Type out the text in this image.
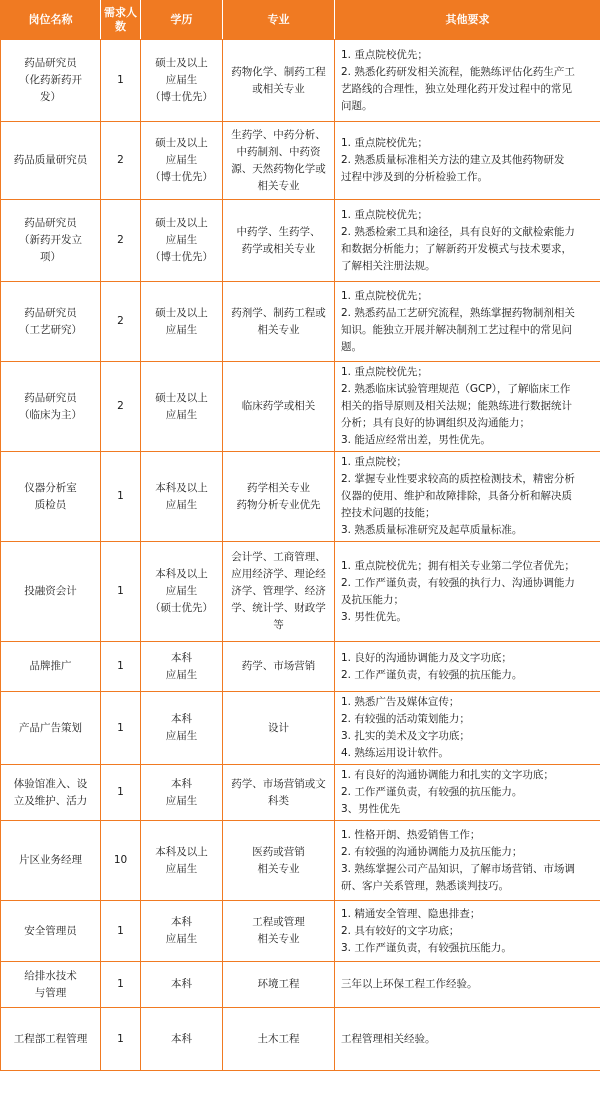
岗位名称	需求人数	学历	专业	其他要求

药品研究员
（化药新药开
发）	1	硕士及以上
应届生
（博士优先）	药物化学、制药工程
或相关专业	1. 重点院校优先；
2. 熟悉化药研发相关流程，能熟练评估化药生产工
艺路线的合理性，独立处理化药开发过程中的常见
问题。

药品质量研究员	2	硕士及以上
应届生
（博士优先）	生药学、中药分析、
中药制剂、中药资
源、天然药物化学或
相关专业	1. 重点院校优先；
2. 熟悉质量标准相关方法的建立及其他药物研发
过程中涉及到的分析检验工作。

药品研究员
（新药开发立
项）	2	硕士及以上
应届生
（博士优先）	中药学、生药学、
药学或相关专业	1. 重点院校优先；
2. 熟悉检索工具和途径，具有良好的文献检索能力
和数据分析能力；了解新药开发模式与技术要求，
了解相关注册法规。

药品研究员
（工艺研究）	2	硕士及以上
应届生	药剂学、制药工程或
相关专业	1. 重点院校优先；
2. 熟悉药品工艺研究流程，熟练掌握药物制剂相关
知识。能独立开展并解决制剂工艺过程中的常见问
题。

药品研究员
（临床为主）	2	硕士及以上
应届生	临床药学或相关	1. 重点院校优先；
2. 熟悉临床试验管理规范（GCP），了解临床工作
相关的指导原则及相关法规；能熟练进行数据统计
分析；具有良好的协调组织及沟通能力；
3. 能适应经常出差，男性优先。

仪器分析室
质检员	1	本科及以上
应届生	药学相关专业
药物分析专业优先	1. 重点院校；
2. 掌握专业性要求较高的质控检测技术，精密分析
仪器的使用、维护和故障排除，具备分析和解决质
控技术问题的技能；
3. 熟悉质量标准研究及起草质量标准。

投融资会计	1	本科及以上
应届生
（硕士优先）	会计学、工商管理、
应用经济学、理论经
济学、管理学、经济
学、统计学、财政学
等	1. 重点院校优先；拥有相关专业第二学位者优先；
2. 工作严谨负责，有较强的执行力、沟通协调能力
及抗压能力；
3. 男性优先。

品牌推广	1	本科
应届生	药学、市场营销	1. 良好的沟通协调能力及文字功底；
2. 工作严谨负责，有较强的抗压能力。

产品广告策划	1	本科
应届生	设计	1. 熟悉广告及媒体宣传；
2. 有较强的活动策划能力；
3. 扎实的美术及文字功底；
4. 熟练运用设计软件。

体验馆准入、设
立及维护、活力	1	本科
应届生	药学、市场营销或文
科类	1. 有良好的沟通协调能力和扎实的文字功底；
2. 工作严谨负责，有较强的抗压能力。
3、男性优先

片区业务经理	10	本科及以上
应届生	医药或营销
相关专业	1. 性格开朗、热爱销售工作；
2. 有较强的沟通协调能力及抗压能力；
3. 熟练掌握公司产品知识，了解市场营销、市场调
研、客户关系管理，熟悉谈判技巧。

安全管理员	1	本科
应届生	工程或管理
相关专业	1. 精通安全管理、隐患排查；
2. 具有较好的文字功底；
3. 工作严谨负责，有较强抗压能力。

给排水技术
与管理	1	本科	环境工程	三年以上环保工程工作经验。

工程部工程管理	1	本科	土木工程	工程管理相关经验。
